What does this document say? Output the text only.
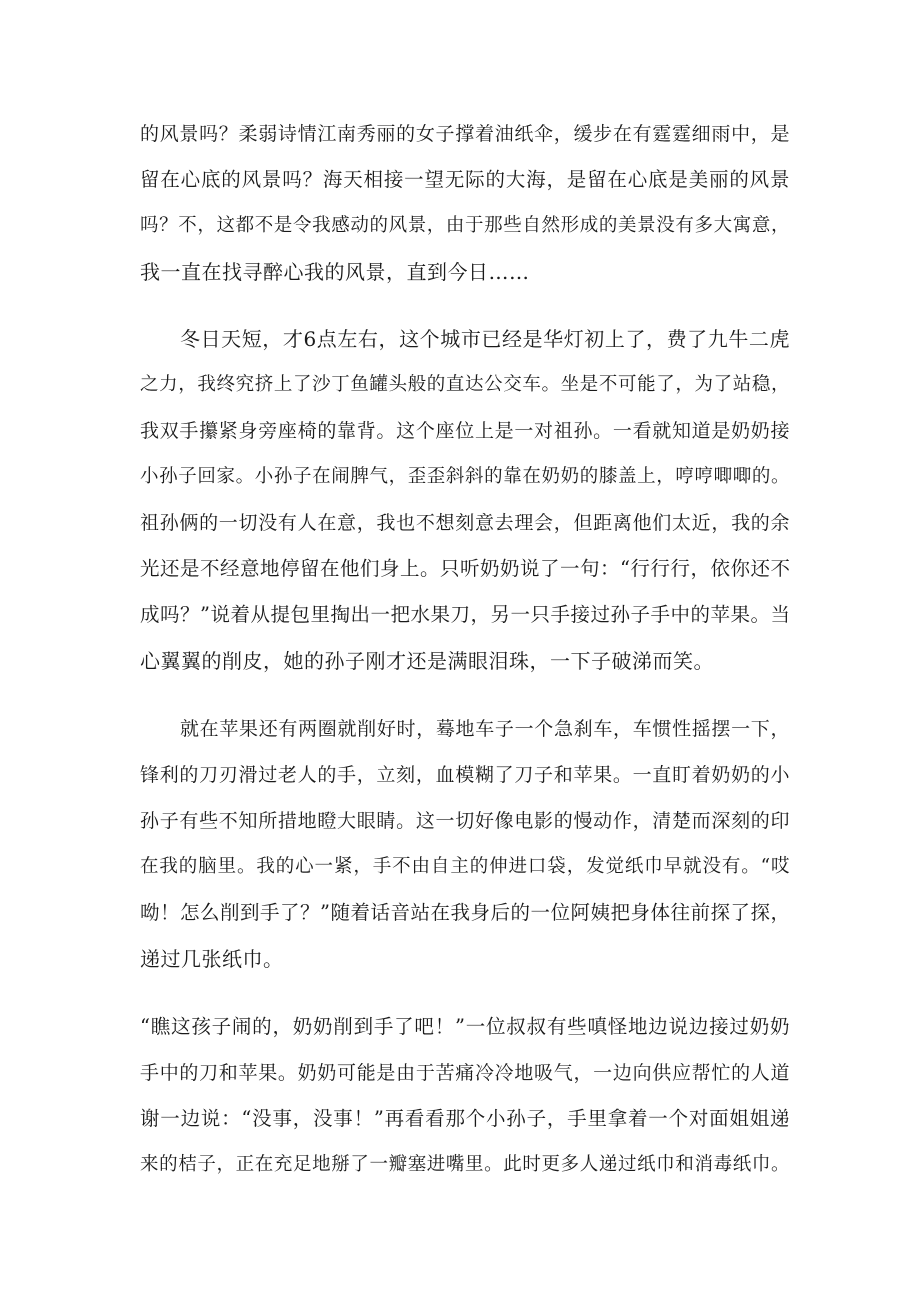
的风景吗？柔弱诗情江南秀丽的女子撑着油纸伞，缓步在有霆霆细雨中，是
留在心底的风景吗？海天相接一望无际的大海，是留在心底是美丽的风景
吗？不，这都不是令我感动的风景，由于那些自然形成的美景没有多大寓意，
我一直在找寻醉心我的风景，直到今日……
冬日天短，才6点左右，这个城市已经是华灯初上了，费了九牛二虎
之力，我终究挤上了沙丁鱼罐头般的直达公交车。坐是不可能了，为了站稳，
我双手攥紧身旁座椅的靠背。这个座位上是一对祖孙。一看就知道是奶奶接
小孙子回家。小孙子在闹脾气，歪歪斜斜的靠在奶奶的膝盖上，哼哼唧唧的。
祖孙俩的一切没有人在意，我也不想刻意去理会，但距离他们太近，我的余
光还是不经意地停留在他们身上。只听奶奶说了一句：“行行行，依你还不
成吗？”说着从提包里掏出一把水果刀，另一只手接过孙子手中的苹果。当
心翼翼的削皮，她的孙子刚才还是满眼泪珠，一下子破涕而笑。
就在苹果还有两圈就削好时，蓦地车子一个急刹车，车惯性摇摆一下，
锋利的刀刃滑过老人的手，立刻，血模糊了刀子和苹果。一直盯着奶奶的小
孙子有些不知所措地瞪大眼睛。这一切好像电影的慢动作，清楚而深刻的印
在我的脑里。我的心一紧，手不由自主的伸进口袋，发觉纸巾早就没有。“哎
呦！怎么削到手了？”随着话音站在我身后的一位阿姨把身体往前探了探，
递过几张纸巾。
“瞧这孩子闹的，奶奶削到手了吧！”一位叔叔有些嗔怪地边说边接过奶奶
手中的刀和苹果。奶奶可能是由于苦痛冷冷地吸气，一边向供应帮忙的人道
谢一边说：“没事，没事！”再看看那个小孙子，手里拿着一个对面姐姐递
来的桔子，正在充足地掰了一瓣塞进嘴里。此时更多人递过纸巾和消毒纸巾。
